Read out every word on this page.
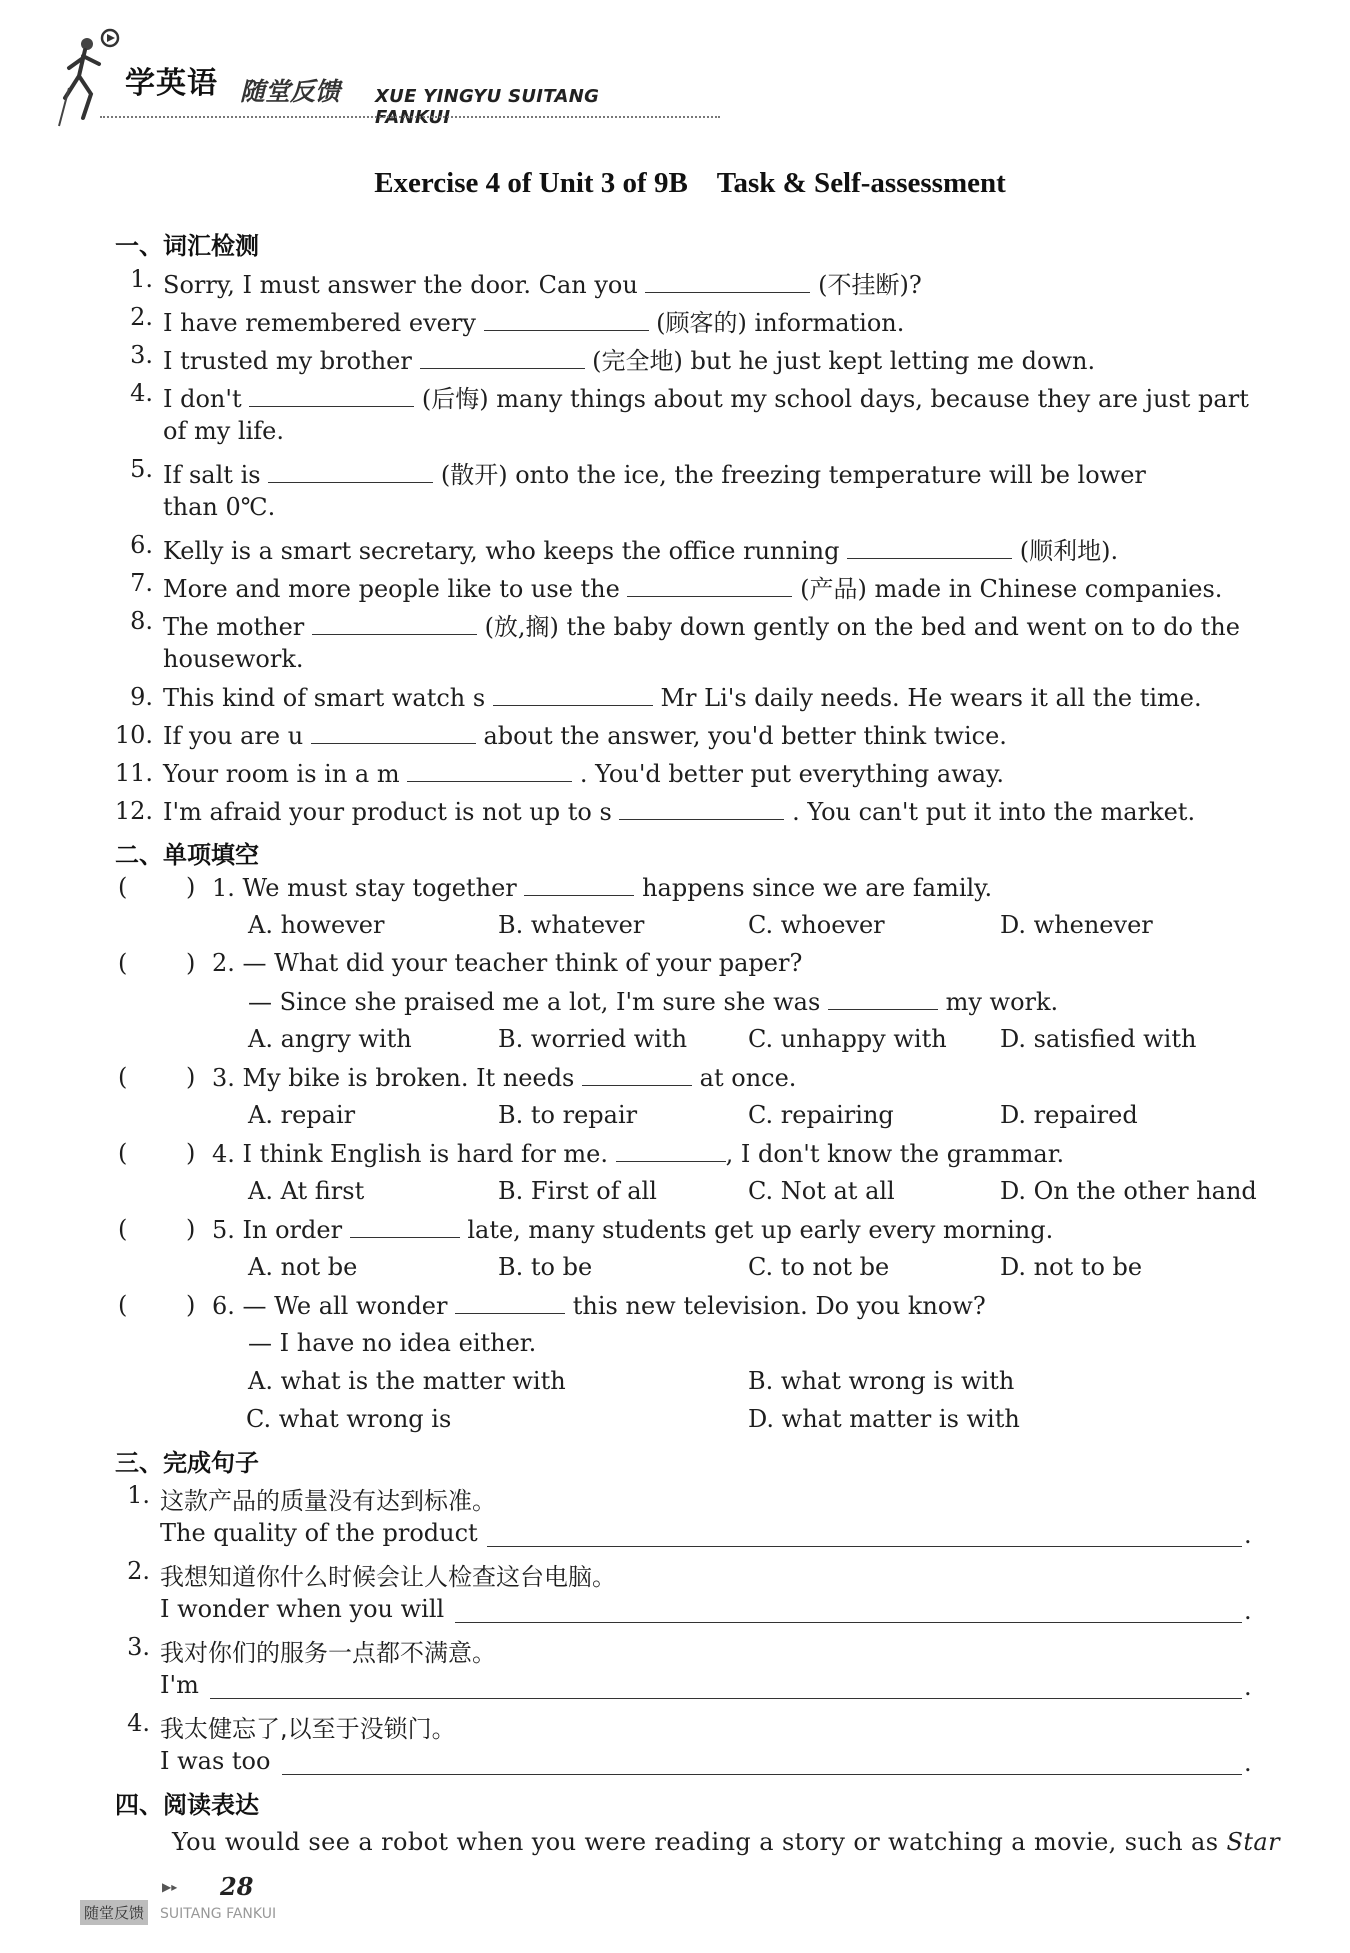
学英语 随堂反馈 XUE YINGYU SUITANG FANKUI
Exercise 4 of Unit 3 of 9B　Task & Self-assessment
一、词汇检测
1. Sorry, I must answer the door. Can you	(不挂断)?
2. I have remembered every	(顾客的) information.
3. I trusted my brother	(完全地) but he just kept letting me down.
4. I don't	(后悔) many things about my school days, because they are just part
of my life.
5. If salt is	(散开) onto the ice, the freezing temperature will be lower
than 0℃.
6. Kelly is a smart secretary, who keeps the office running	(顺利地).
7. More and more people like to use the	(产品) made in Chinese companies.
8. The mother	(放,搁) the baby down gently on the bed and went on to do the
housework.
9. This kind of smart watch s	Mr Li's daily needs. He wears it all the time.
10. If you are u	about the answer, you'd better think twice.
11. Your room is in a m	. You'd better put everything away.
12. I'm afraid your product is not up to s	. You can't put it into the market.
二、单项填空
( ) 1. We must stay together	happens since we are family.
A. however	B. whatever	C. whoever	D. whenever
( ) 2. — What did your teacher think of your paper?
— Since she praised me a lot, I'm sure she was	my work.
A. angry with	B. worried with	C. unhappy with D. satisfied with
( ) 3. My bike is broken. It needs	at once.
A. repair	B. to repair	C. repairing	D. repaired
( ) 4. I think English is hard for me.	, I don't know the grammar.
A. At first	B. First of all	C. Not at all	D. On the other hand
( ) 5. In order	late, many students get up early every morning.
A. not be	B. to be	C. to not be	D. not to be
( ) 6. — We all wonder	this new television. Do you know?
— I have no idea either.
A. what is the matter with	B. what wrong is with
C. what wrong is	D. what matter is with
三、完成句子
1. 这款产品的质量没有达到标准。
The quality of the product	.
2. 我想知道你什么时候会让人检查这台电脑。
I wonder when you will	.
3. 我对你们的服务一点都不满意。
I'm	.
4. 我太健忘了,以至于没锁门。
I was too	.
四、阅读表达
You would see a robot when you were reading a story or watching a movie, such as Star
▶▸ 28
随堂反馈 SUITANG FANKUI
